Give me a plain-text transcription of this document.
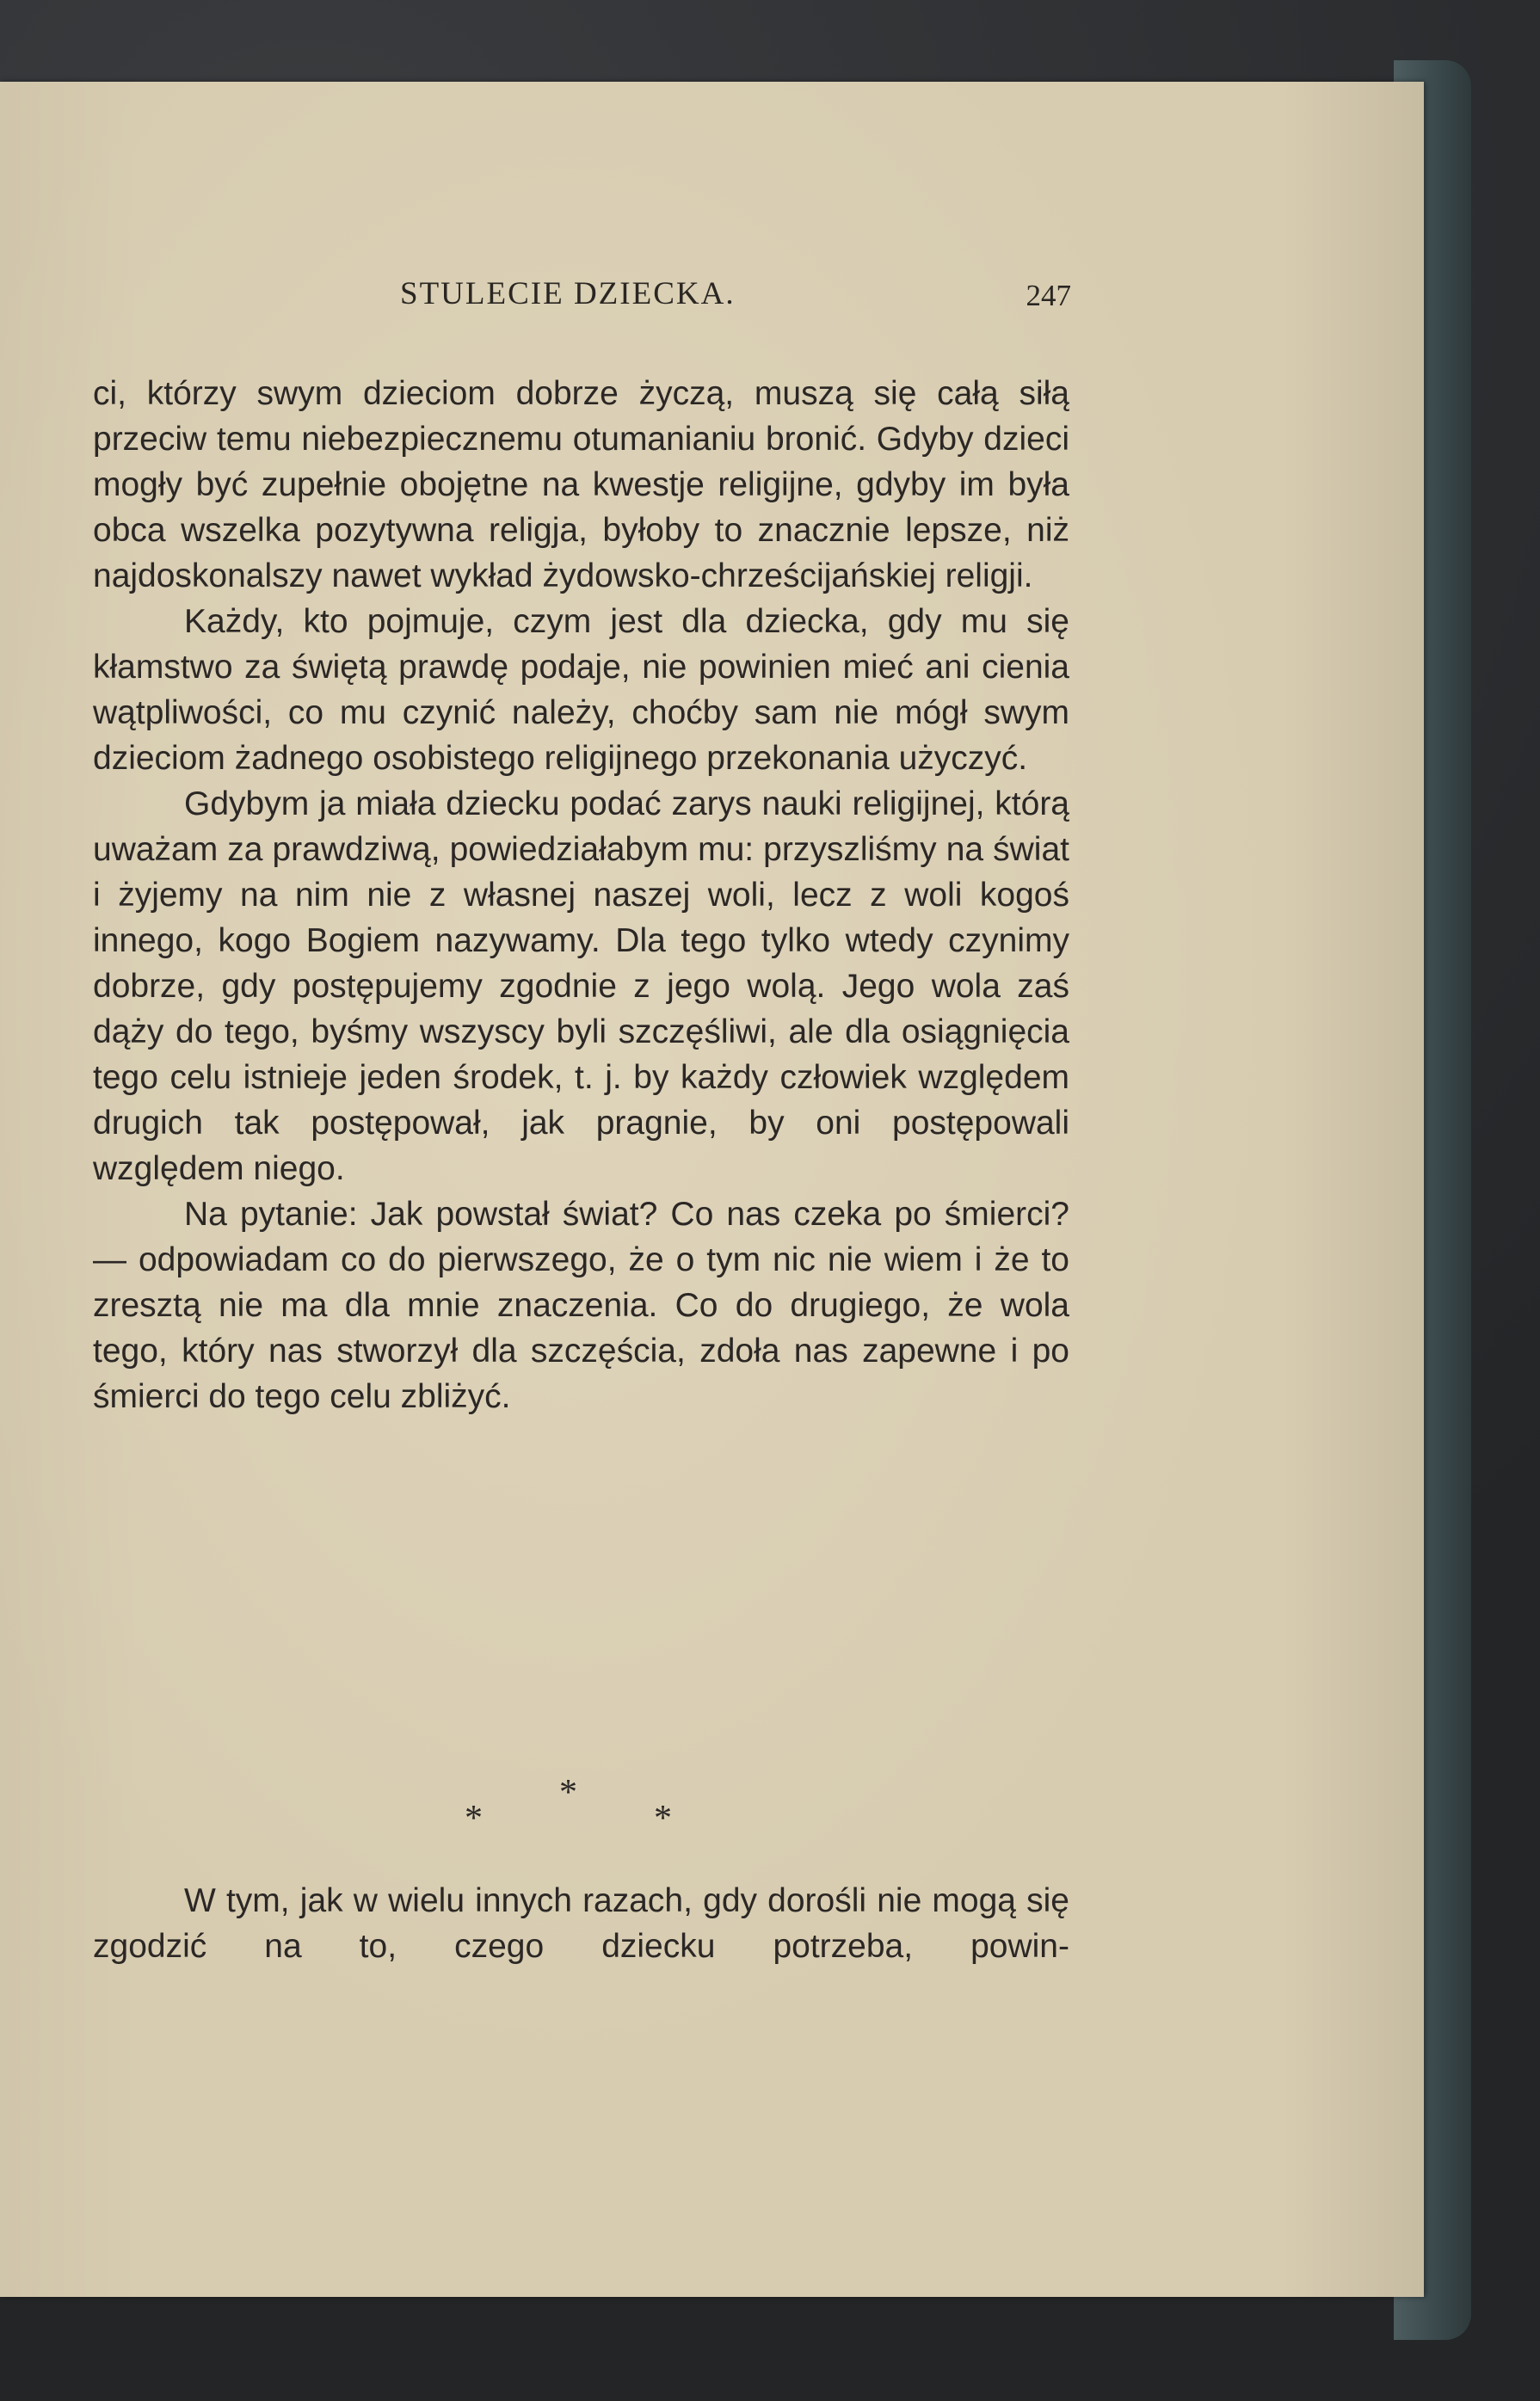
STULECIE DZIECKA.	247

ci, którzy swym dzieciom dobrze życzą, muszą się całą siłą przeciw temu niebezpiecznemu otumanianiu bronić. Gdyby dzieci mogły być zupełnie obojętne na kwestje religijne, gdyby im była obca wszelka pozytywna religja, byłoby to znacznie lepsze, niż najdoskonalszy nawet wykład żydowsko-chrześcijańskiej religji.

Każdy, kto pojmuje, czym jest dla dziecka, gdy mu się kłamstwo za świętą prawdę podaje, nie powinien mieć ani cienia wątpliwości, co mu czynić należy, choćby sam nie mógł swym dzieciom żadnego osobistego religijnego przekonania użyczyć.

Gdybym ja miała dziecku podać zarys nauki religijnej, którą uważam za prawdziwą, powiedziałabym mu: przyszliśmy na świat i żyjemy na nim nie z własnej naszej woli, lecz z woli kogoś innego, kogo Bogiem nazywamy. Dla tego tylko wtedy czynimy dobrze, gdy postępujemy zgodnie z jego wolą. Jego wola zaś dąży do tego, byśmy wszyscy byli szczęśliwi, ale dla osiągnięcia tego celu istnieje jeden środek, t. j. by każdy człowiek względem drugich tak postępował, jak pragnie, by oni postępowali względem niego.

Na pytanie: Jak powstał świat? Co nas czeka po śmierci? — odpowiadam co do pierwszego, że o tym nic nie wiem i że to zresztą nie ma dla mnie znaczenia. Co do drugiego, że wola tego, który nas stworzył dla szczęścia, zdoła nas zapewne i po śmierci do tego celu zbliżyć.

*
*	*

W tym, jak w wielu innych razach, gdy dorośli nie mogą się zgodzić na to, czego dziecku potrzeba, powin-
